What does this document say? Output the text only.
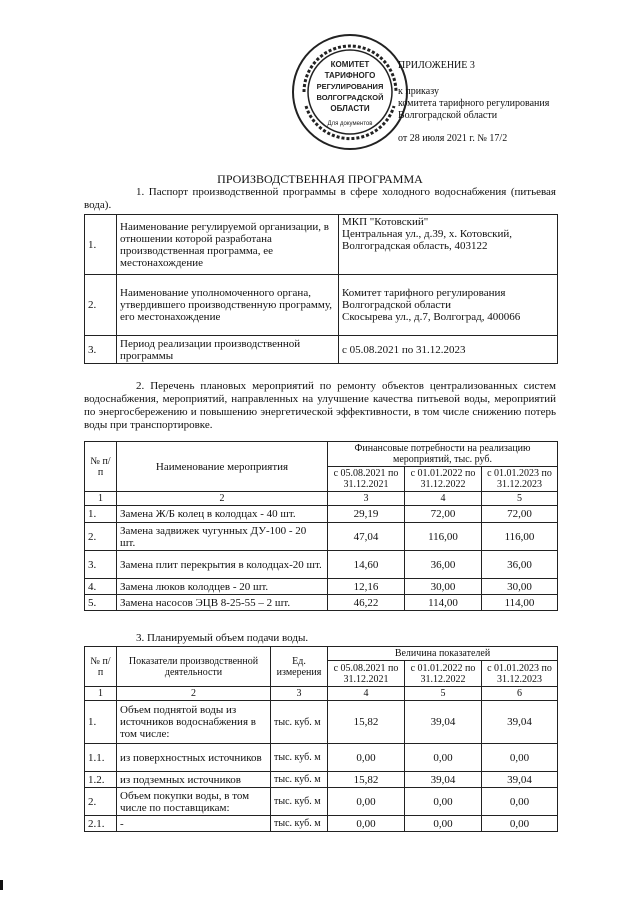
КОМИТЕТ
ТАРИФНОГО
РЕГУЛИРОВАНИЯ
ВОЛГОГРАДСКОЙ
ОБЛАСТИ
Для документов
ПРИЛОЖЕНИЕ 3
к приказу
комитета тарифного регулирования
Волгоградской области
от 28 июля 2021 г. № 17/2
ПРОИЗВОДСТВЕННАЯ ПРОГРАММА
1. Паспорт производственной программы в сфере холодного водоснабжения (питьевая вода).
1.	Наименование регулируемой организации, в отношении которой разработана производственная программа, ее местонахождение	МКП "Котовский"
Центральная ул., д.39, х. Котовский,
Волгоградская область, 403122

2.	Наименование уполномоченного органа, утвердившего производственную программу, его местонахождение	Комитет тарифного регулирования
Волгоградской области
Скосырева ул., д.7, Волгоград, 400066

3.	Период реализации производственной программы	с 05.08.2021 по 31.12.2023
2. Перечень плановых мероприятий по ремонту объектов централизованных систем водоснабжения, мероприятий, направленных на улучшение качества питьевой воды, мероприятий по энергосбережению и повышению энергетической эффективности, в том числе снижению потерь воды при транспортировке.
№ п/п	Наименование мероприятия	Финансовые потребности на реализацию мероприятий, тыс. руб.		
		с 05.08.2021 по 31.12.2021	с 01.01.2022 по 31.12.2022	с 01.01.2023 по 31.12.2023
1	2	3	4	5
1.	Замена Ж/Б колец в колодцах - 40 шт.	29,19	72,00	72,00
2.	Замена задвижек чугунных ДУ-100 - 20 шт.	47,04	116,00	116,00
3.	Замена плит перекрытия в колодцах-20 шт.	14,60	36,00	36,00
4.	Замена люков колодцев - 20 шт.	12,16	30,00	30,00
5.	Замена насосов ЭЦВ 8-25-55 – 2 шт.	46,22	114,00	114,00
3. Планируемый объем подачи воды.
№ п/п	Показатели производственной деятельности	Ед. измерения	Величина показателей		
			с 05.08.2021 по 31.12.2021	с 01.01.2022 по 31.12.2022	с 01.01.2023 по 31.12.2023
1	2	3	4	5	6
1.	Объем поднятой воды из источников водоснабжения в том числе:	тыс. куб. м	15,82	39,04	39,04
1.1.	из поверхностных источников	тыс. куб. м	0,00	0,00	0,00
1.2.	из подземных источников	тыс. куб. м	15,82	39,04	39,04
2.	Объем покупки воды, в том числе по поставщикам:	тыс. куб. м	0,00	0,00	0,00
2.1.	-	тыс. куб. м	0,00	0,00	0,00
